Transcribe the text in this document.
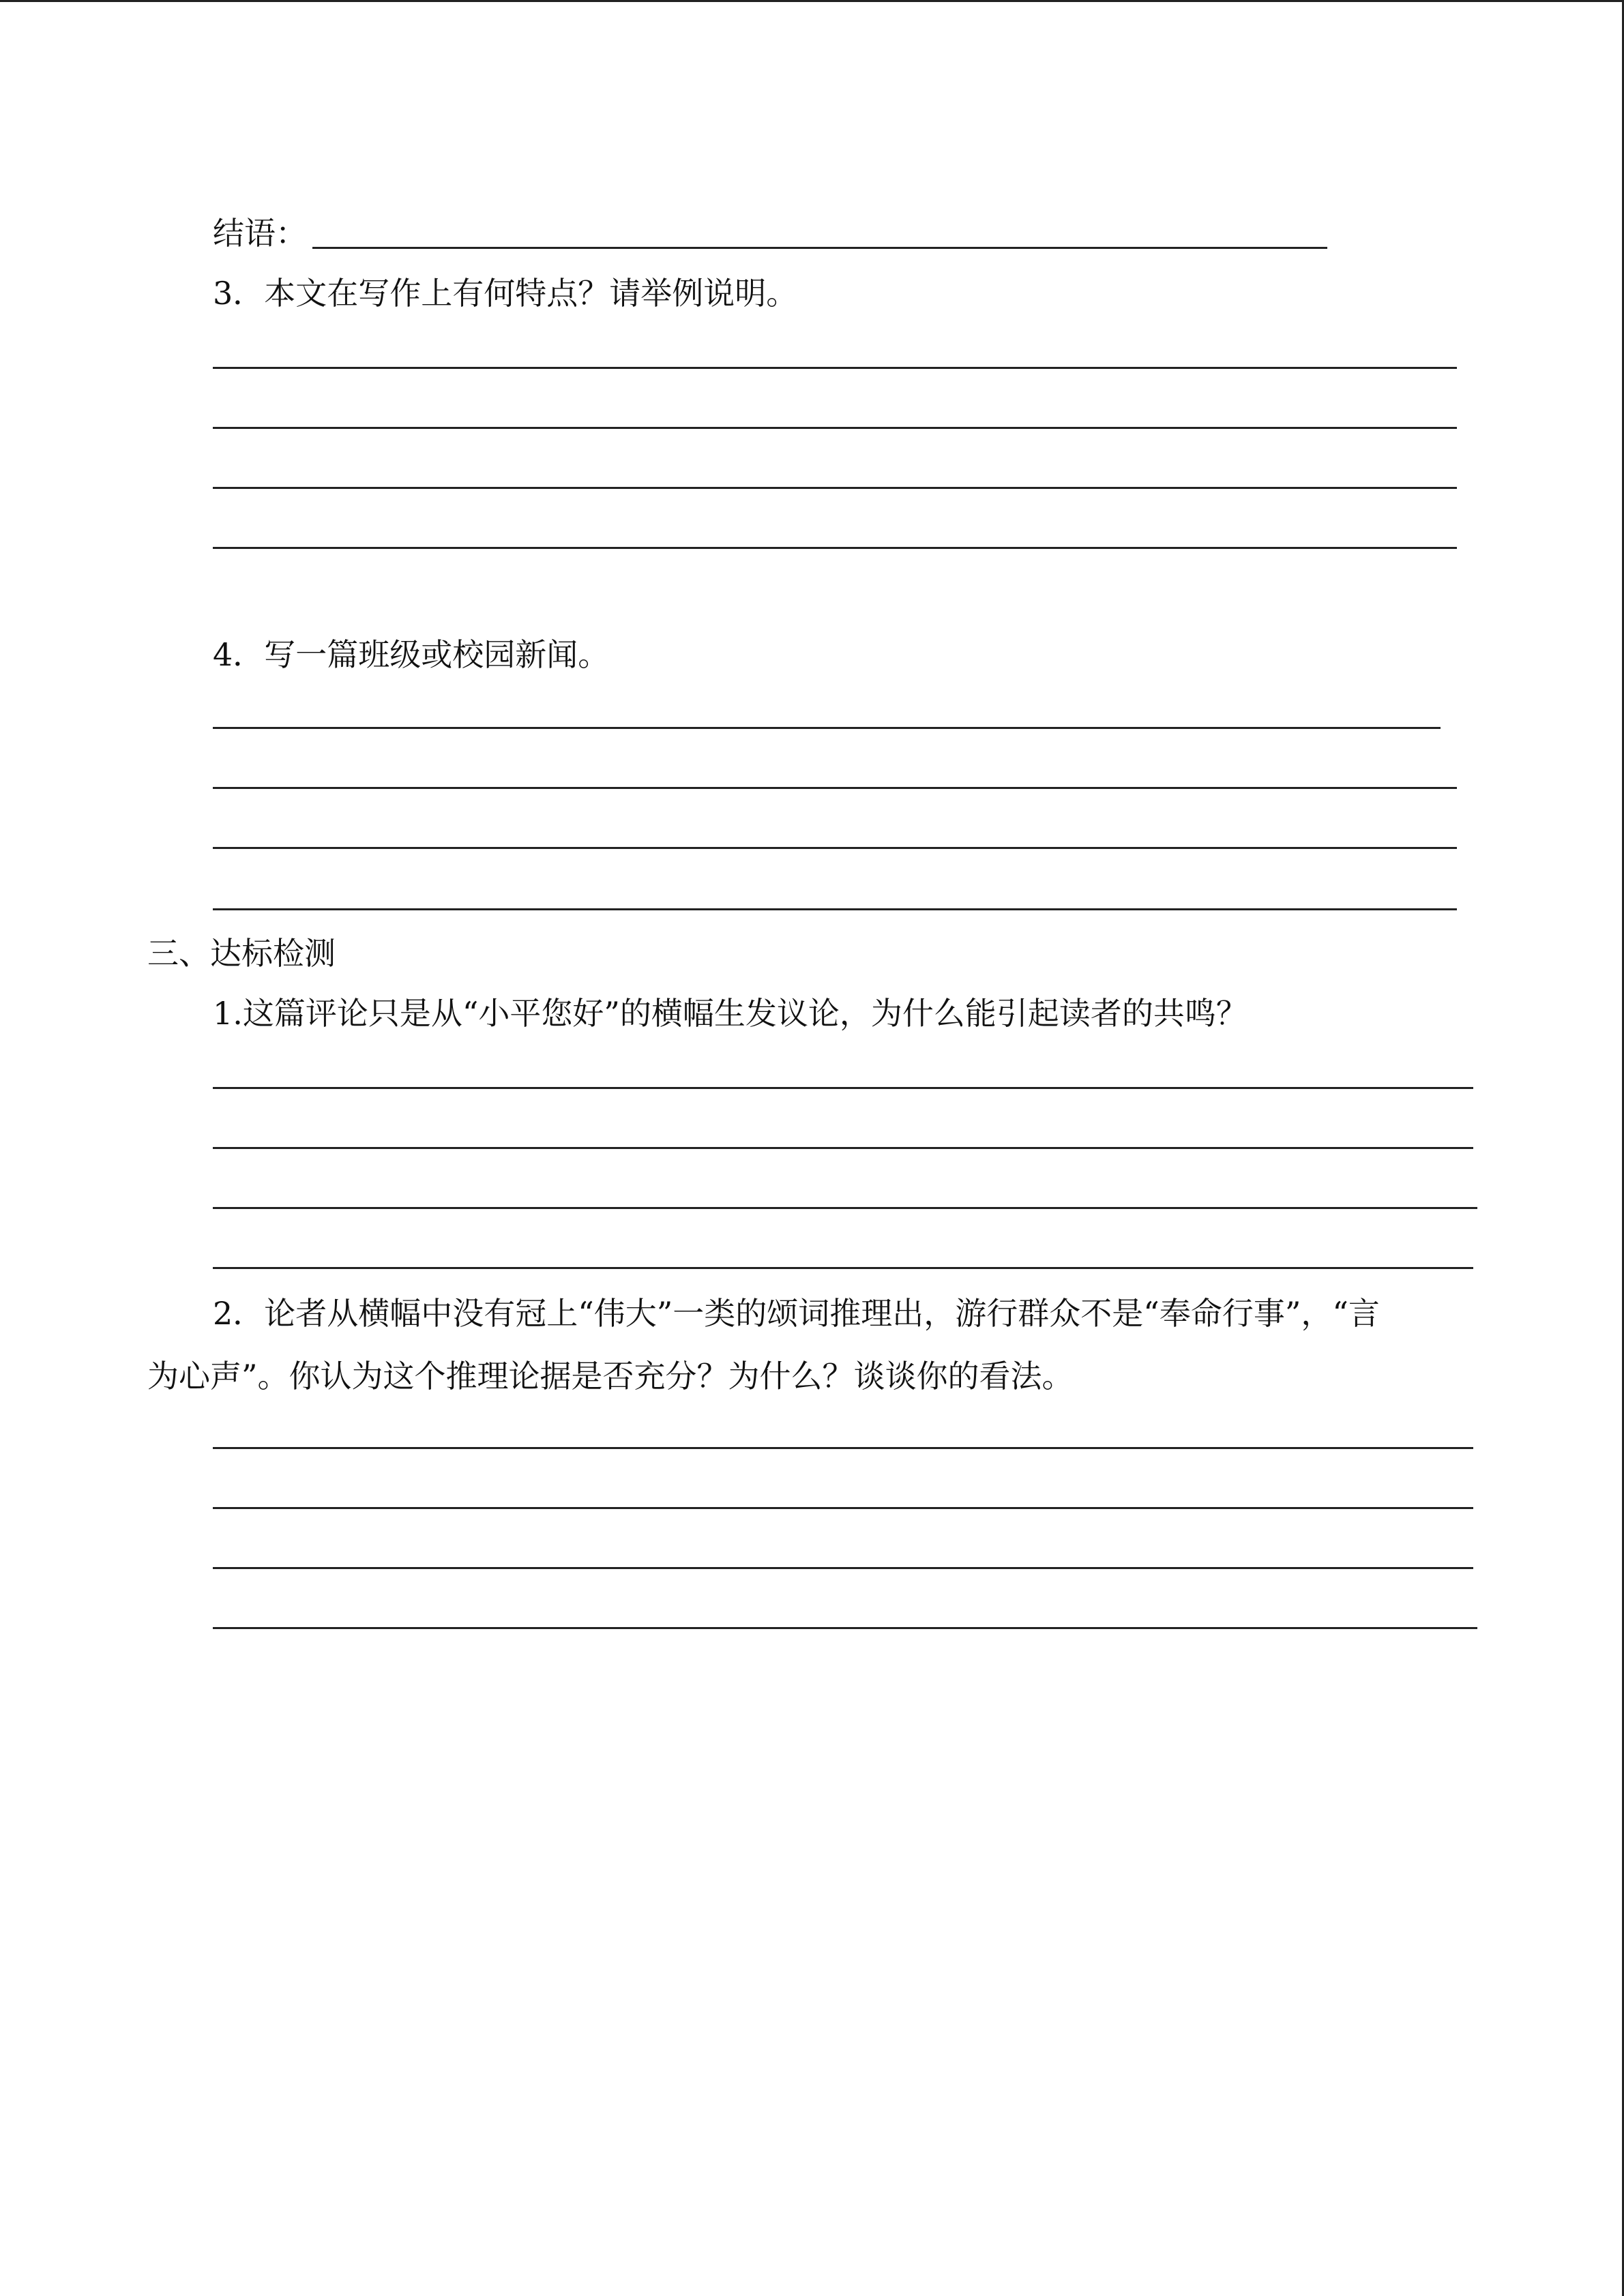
结语：
3．本文在写作上有何特点？请举例说明。
4．写一篇班级或校园新闻。
三、达标检测
1.这篇评论只是从“小平您好”的横幅生发议论，为什么能引起读者的共鸣？
2．论者从横幅中没有冠上“伟大”一类的颂词推理出，游行群众不是“奉命行事”，“言
为心声”。你认为这个推理论据是否充分？为什么？谈谈你的看法。
